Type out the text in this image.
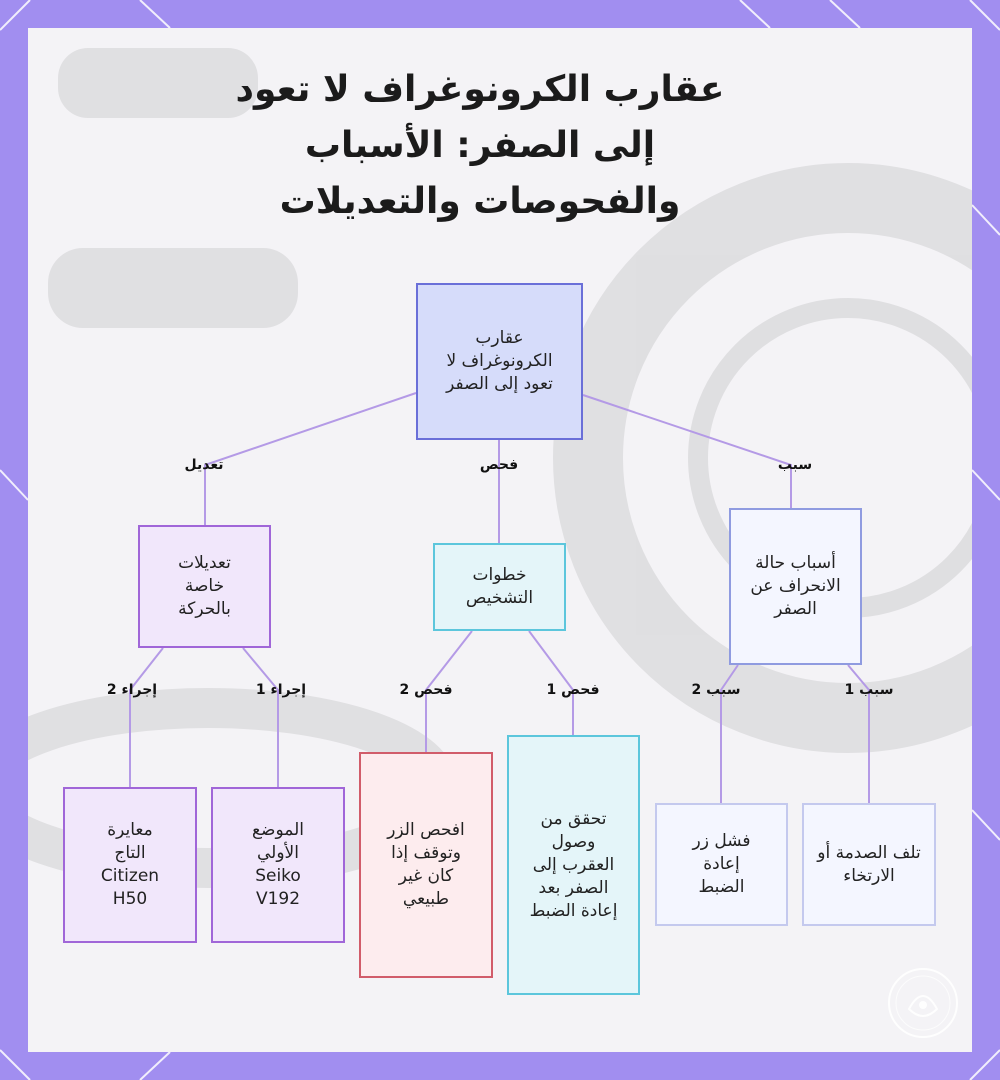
عقارب الكرونوغراف لا تعود إلى الصفر: الأسباب والفحوصات والتعديلات
سبب
فحص
تعديل
سبب 1
سبب 2
فحص 1
فحص 2
إجراء 1
إجراء 2
عقارب الكرونوغراف لا تعود إلى الصفر
أسباب حالة الانحراف عن الصفر
خطوات التشخيص
تعديلات خاصة بالحركة
تلف الصدمة أو الارتخاء
فشل زر إعادة الضبط
تحقق من وصول العقرب إلى الصفر بعد إعادة الضبط
افحص الزر وتوقف إذا كان غير طبيعي
الموضع الأولي Seiko V192
معايرة التاج Citizen H50
